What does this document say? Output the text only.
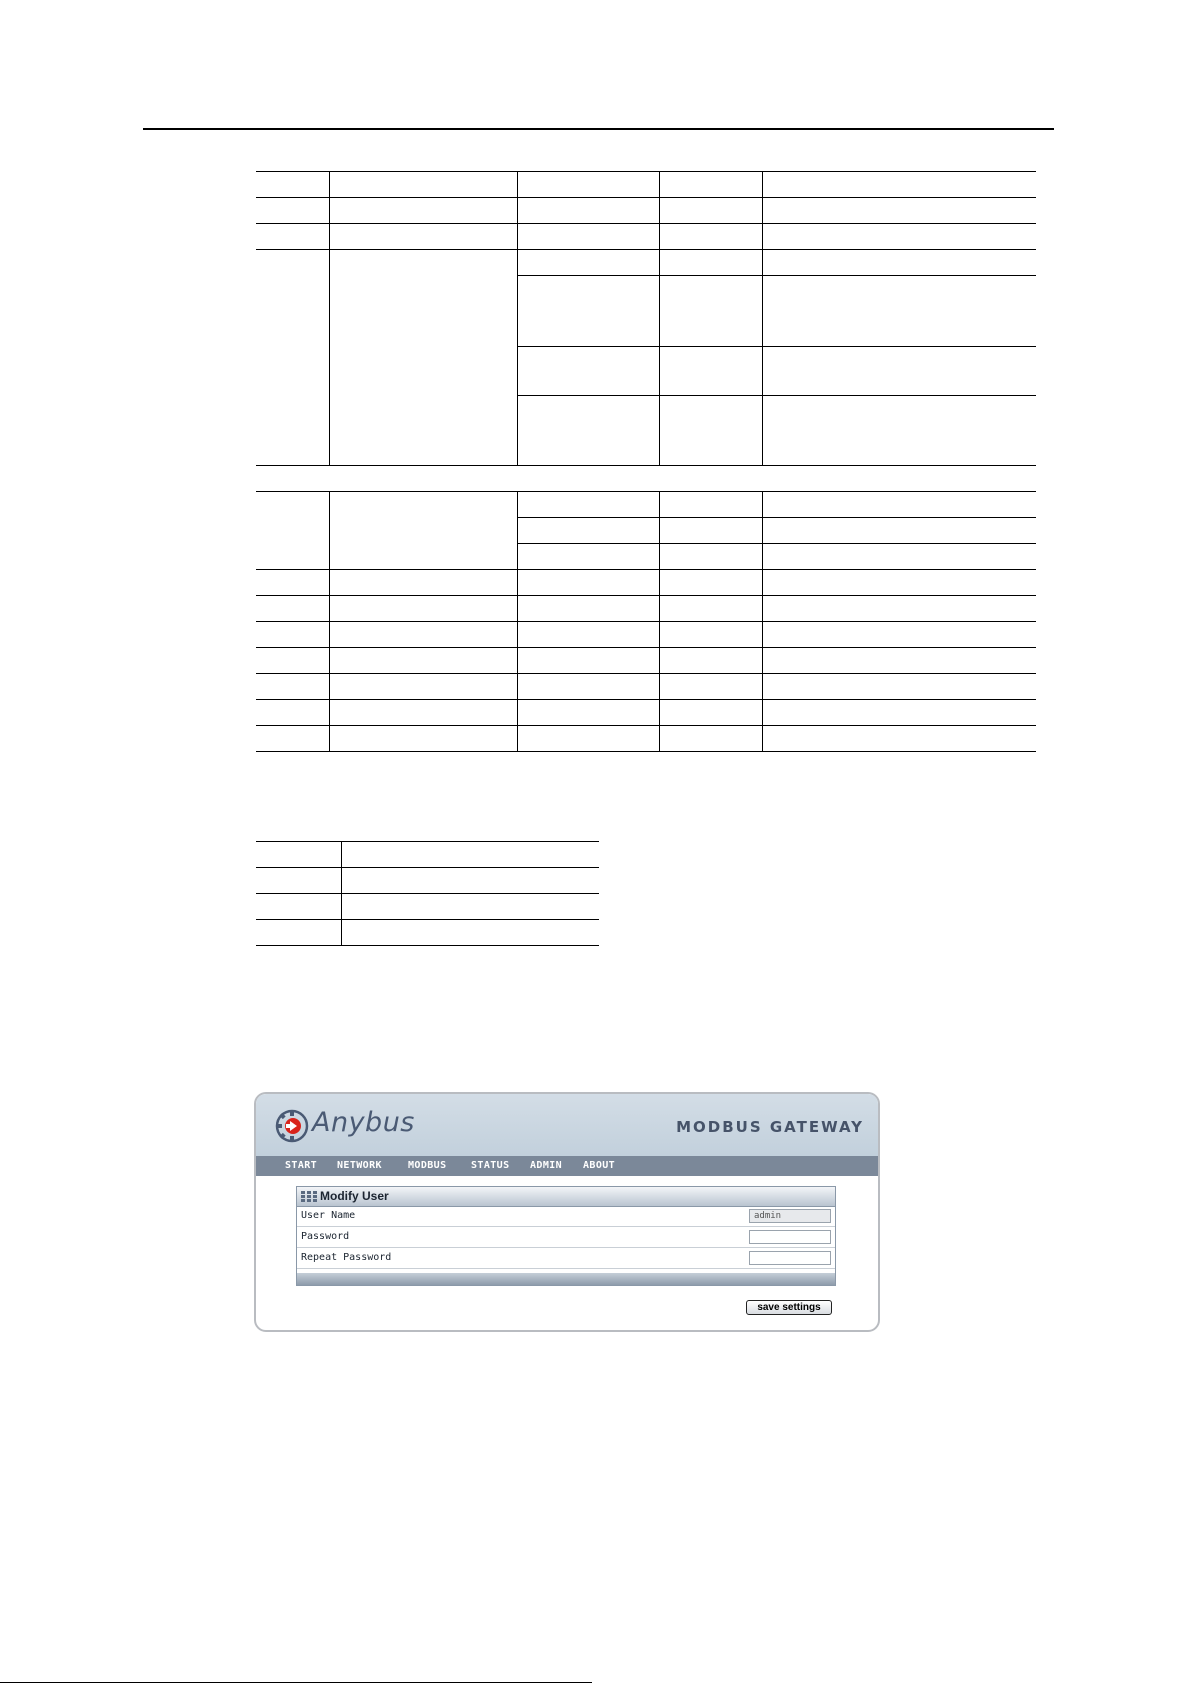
Anybus	MODBUS GATEWAY
START NETWORK	MODBUS STATUS ADMIN ABOUT
Modify User
User Name	admin
Password
Repeat Password
save settings
